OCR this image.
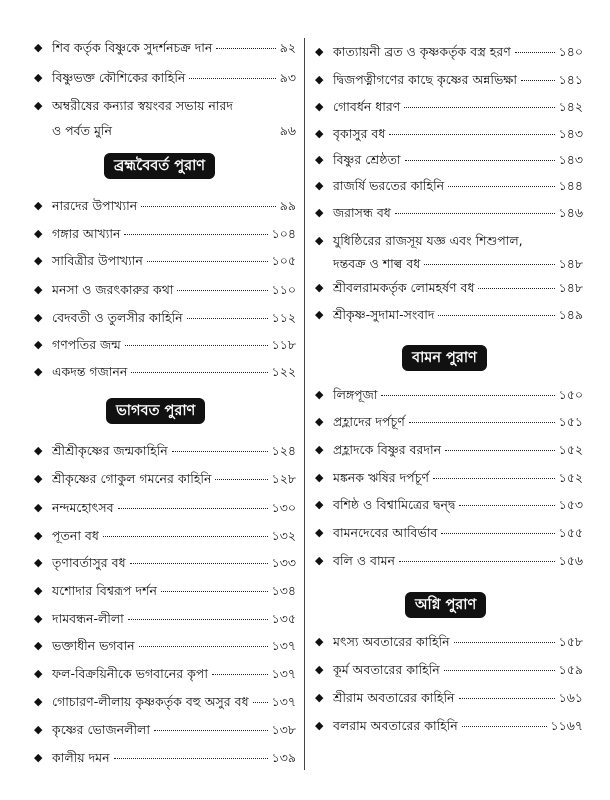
◆ শিব কর্তৃক বিষ্ণুকে সুদর্শনচক্র দান	৯২
◆ বিষ্ণুভক্ত কৌশিকের কাহিনি	৯৩
◆ অম্বরীষের কন্যার স্বয়ংবর সভায় নারদ
ও পর্বত মুনি	৯৬
ব্রহ্মবৈবর্ত পুরাণ
◆ নারদের উপাখ্যান	৯৯
◆ গঙ্গার আখ্যান	১০৪
◆ সাবিত্রীর উপাখ্যান	১০৫
◆ মনসা ও জরৎকারুর কথা	১১০
◆ বেদবতী ও তুলসীর কাহিনি	১১২
◆ গণপতির জন্ম	১১৮
◆ একদন্ত গজানন	১২২
ভাগবত পুরাণ
◆ শ্রীশ্রীকৃষ্ণের জন্মকাহিনি	১২৪
◆ শ্রীকৃষ্ণের গোকুল গমনের কাহিনি	১২৮
◆ নন্দমহোৎসব	১৩০
◆ পূতনা বধ	১৩২
◆ তৃণাবর্তাসুর বধ	১৩৩
◆ যশোদার বিশ্বরূপ দর্শন	১৩৪
◆ দামবন্ধন-লীলা	১৩৫
◆ ভক্তাধীন ভগবান	১৩৭
◆ ফল-বিক্রয়িনীকে ভগবানের কৃপা	১৩৭
◆ গোচারণ-লীলায় কৃষ্ণকর্তৃক বহু অসুর বধ ১৩৭
◆ কৃষ্ণের ভোজনলীলা	১৩৮
◆ কালীয় দমন	১৩৯
◆ কাত্যায়নী ব্রত ও কৃষ্ণকর্তৃক বস্ত্র হরণ	১৪০
◆ দ্বিজপত্নীগণের কাছে কৃষ্ণের অন্নভিক্ষা	১৪১
◆ গোবর্ধন ধারণ	১৪২
◆ বৃকাসুর বধ	১৪৩
◆ বিষ্ণুর শ্রেষ্ঠতা	১৪৩
◆ রাজর্ষি ভরতের কাহিনি	১৪৪
◆ জরাসন্ধ বধ	১৪৬
◆ যুধিষ্ঠিরের রাজসূয় যজ্ঞ এবং শিশুপাল,
দন্তবক্র ও শাল্ব বধ	১৪৮
◆ শ্রীবলরামকর্তৃক লোমহর্ষণ বধ	১৪৮
◆ শ্রীকৃষ্ণ-সুদামা-সংবাদ	১৪৯
বামন পুরাণ
◆ লিঙ্গপূজা	১৫০
◆ প্রহ্লাদের দর্পচূর্ণ	১৫১
◆ প্রহ্লাদকে বিষ্ণুর বরদান	১৫২
◆ মঙ্কনক ঋষির দর্পচূর্ণ	১৫২
◆ বশিষ্ঠ ও বিশ্বামিত্রের দ্বন্দ্ব	১৫৩
◆ বামনদেবের আবির্ভাব	১৫৫
◆ বলি ও বামন	১৫৬
অগ্নি পুরাণ
◆ মৎস্য অবতারের কাহিনি	১৫৮
◆ কূর্ম অবতারের কাহিনি	১৫৯
◆ শ্রীরাম অবতারের কাহিনি	১৬১
◆ বলরাম অবতারের কাহিনি	১১৬৭
